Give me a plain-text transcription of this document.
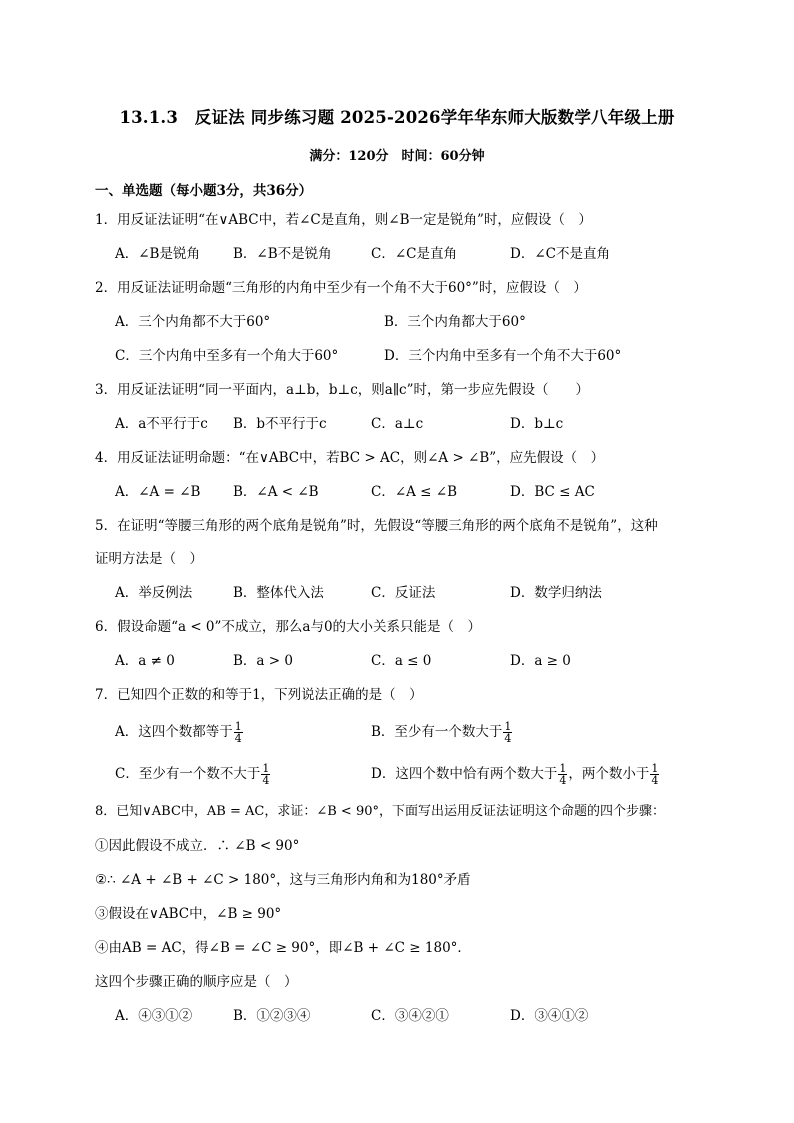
13.1.3　反证法 同步练习题 2025-2026学年华东师大版数学八年级上册
满分：120分　时间：60分钟
一、单选题（每小题3分，共36分）
1．用反证法证明“在∨ABC中，若∠C是直角，则∠B一定是锐角”时，应假设（　）
A．∠B是锐角 B．∠B不是锐角	C．∠C是直角	D．∠C不是直角
2．用反证法证明命题“三角形的内角中至少有一个角不大于60°”时，应假设（　）
A．三个内角都不大于60°	B．三个内角都大于60°
C．三个内角中至多有一个角大于60°	D．三个内角中至多有一个角不大于60°
3．用反证法证明“同一平面内，a⊥b，b⊥c，则a∥c”时，第一步应先假设（　　）
A．a不平行于c B．b不平行于c	C．a⊥c	D．b⊥c
4．用反证法证明命题：“在∨ABC中，若BC > AC，则∠A > ∠B”，应先假设（　）
A．∠A = ∠B B．∠A < ∠B	C．∠A ≤ ∠B	D．BC ≤ AC
5．在证明“等腰三角形的两个底角是锐角”时，先假设“等腰三角形的两个底角不是锐角”，这种
证明方法是（　）
A．举反例法	B．整体代入法	C．反证法	D．数学归纳法
6．假设命题“a < 0”不成立，那么a与0的大小关系只能是（　）
A．a ≠ 0	B．a > 0	C．a ≤ 0	D．a ≥ 0
7．已知四个正数的和等于1，下列说法正确的是（　）
A．这四个数都等于 $\frac{1}{4}$	B．至少有一个数大于 $\frac{1}{4}$
C．至少有一个数不大于 $\frac{1}{4}$	D．这四个数中恰有两个数大于 $\frac{1}{4}$ ，两个数小于 $\frac{1}{4}$
8．已知∨ABC中，AB = AC，求证：∠B < 90°，下面写出运用反证法证明这个命题的四个步骤：
①因此假设不成立．∴ ∠B < 90°
②∴ ∠A + ∠B + ∠C > 180°，这与三角形内角和为180°矛盾
③假设在∨ABC中，∠B ≥ 90°
④由AB = AC，得∠B = ∠C ≥ 90°，即∠B + ∠C ≥ 180°．
这四个步骤正确的顺序应是（　）
A．④③①②	B．①②③④	C．③④②①	D．③④①②
